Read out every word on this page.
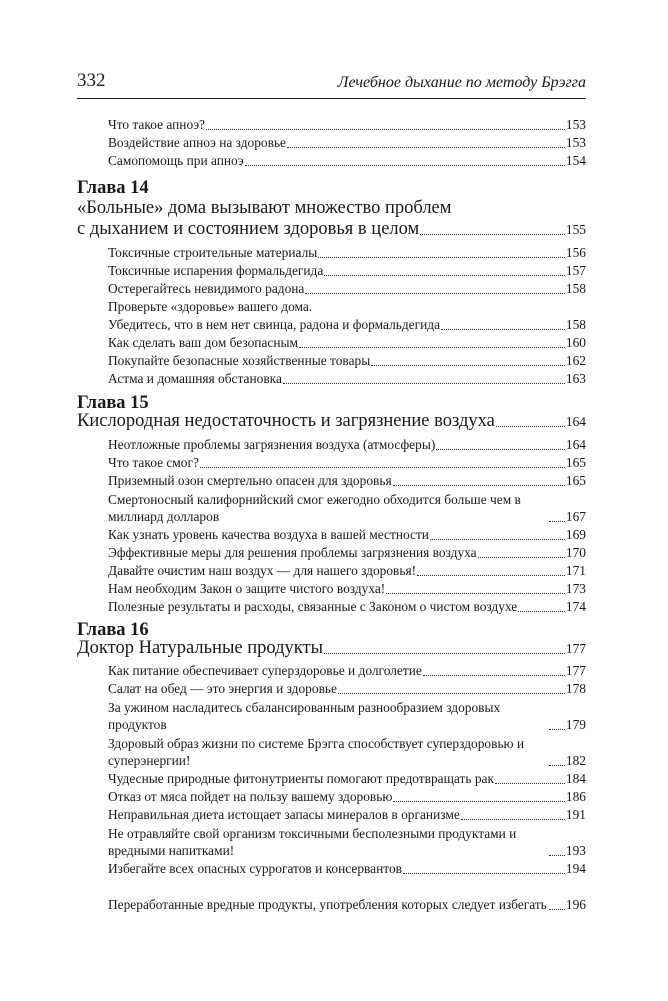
332	Лечебное дыхание по методу Брэгга
Что такое апноэ?	153
Воздействие апноэ на здоровье	153
Самопомощь при апноэ	154
Глава 14
«Больные» дома вызывают множество проблем
с дыханием и состоянием здоровья в целом	155
Токсичные строительные материалы	156
Токсичные испарения формальдегида	157
Остерегайтесь невидимого радона	158
Проверьте «здоровье» вашего дома.
Убедитесь, что в нем нет свинца, радона и формальдегида	158
Как сделать ваш дом безопасным	160
Покупайте безопасные хозяйственные товары	162
Астма и домашняя обстановка	163
Глава 15
Кислородная недостаточность и загрязнение воздуха	164
Неотложные проблемы загрязнения воздуха (атмосферы)	164
Что такое смог?	165
Приземный озон смертельно опасен для здоровья	165
Смертоносный калифорнийский смог ежегодно обходится больше чем в миллиард долларов	167
Как узнать уровень качества воздуха в вашей местности	169
Эффективные меры для решения проблемы загрязнения воздуха	170
Давайте очистим наш воздух — для нашего здоровья!	171
Нам необходим Закон о защите чистого воздуха!	173
Полезные результаты и расходы, связанные с Законом о чистом воздухе	174
Глава 16
Доктор Натуральные продукты	177
Как питание обеспечивает суперздоровье и долголетие	177
Салат на обед — это энергия и здоровье	178
За ужином насладитесь сбалансированным разнообразием здоровых продуктов	179
Здоровый образ жизни по системе Брэгга способствует суперздоровью и суперэнергии!	182
Чудесные природные фитонутриенты помогают предотвращать рак	184
Отказ от мяса пойдет на пользу вашему здоровью	186
Неправильная диета истощает запасы минералов в организме	191
Не отравляйте свой организм токсичными бесполезными продуктами и вредными напитками!	193
Избегайте всех опасных суррогатов и консервантов	194
Переработанные вредные продукты, употребления которых следует избегать 196
